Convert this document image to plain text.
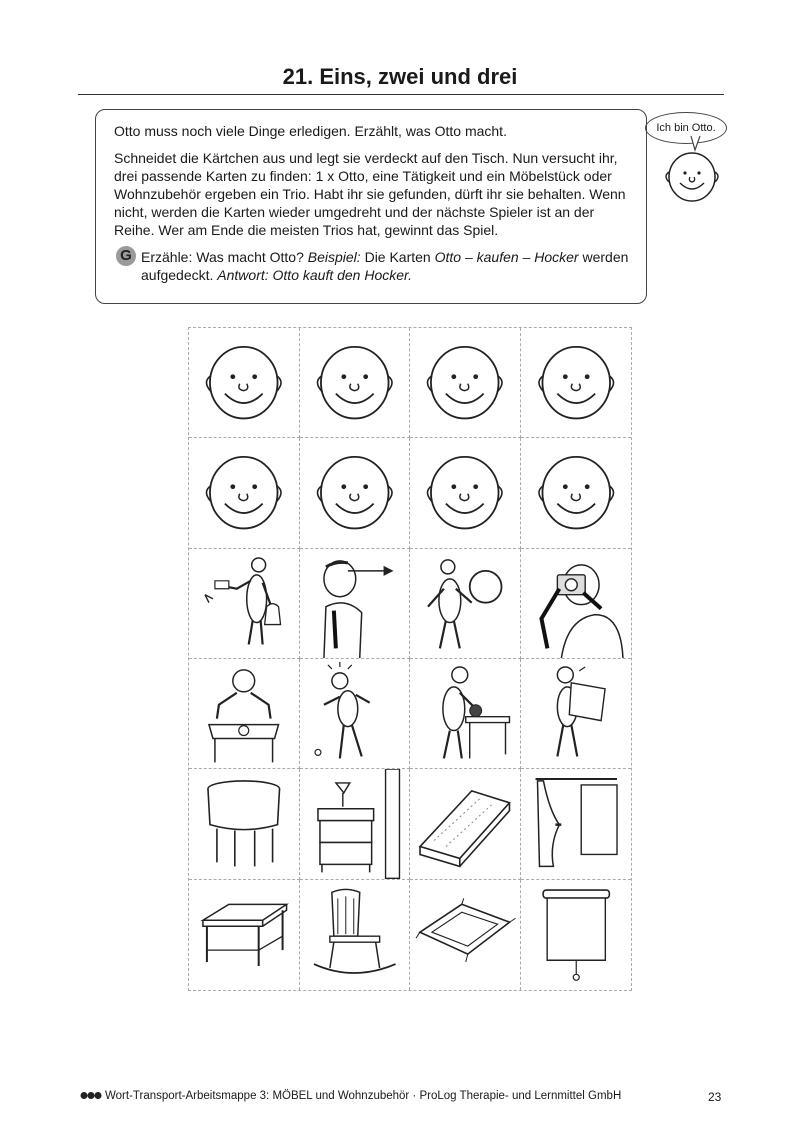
21. Eins, zwei und drei

Otto muss noch viele Dinge erledigen. Erzählt, was Otto macht.

Schneidet die Kärtchen aus und legt sie verdeckt auf den Tisch. Nun versucht ihr, drei passende Karten zu finden: 1 x Otto, eine Tätigkeit und ein Möbelstück oder Wohnzubehör ergeben ein Trio. Habt ihr sie gefunden, dürft ihr sie behalten. Wenn nicht, werden die Karten wieder umgedreht und der nächste Spieler ist an der Reihe. Wer am Ende die meisten Trios hat, gewinnt das Spiel.

G Erzähle: Was macht Otto? Beispiel: Die Karten Otto – kaufen – Hocker werden aufgedeckt. Antwort: Otto kauft den Hocker.
Ich bin Otto.
Wort-Transport-Arbeitsmappe 3: MÖBEL und Wohnzubehör · ProLog Therapie- und Lernmittel GmbH	23
